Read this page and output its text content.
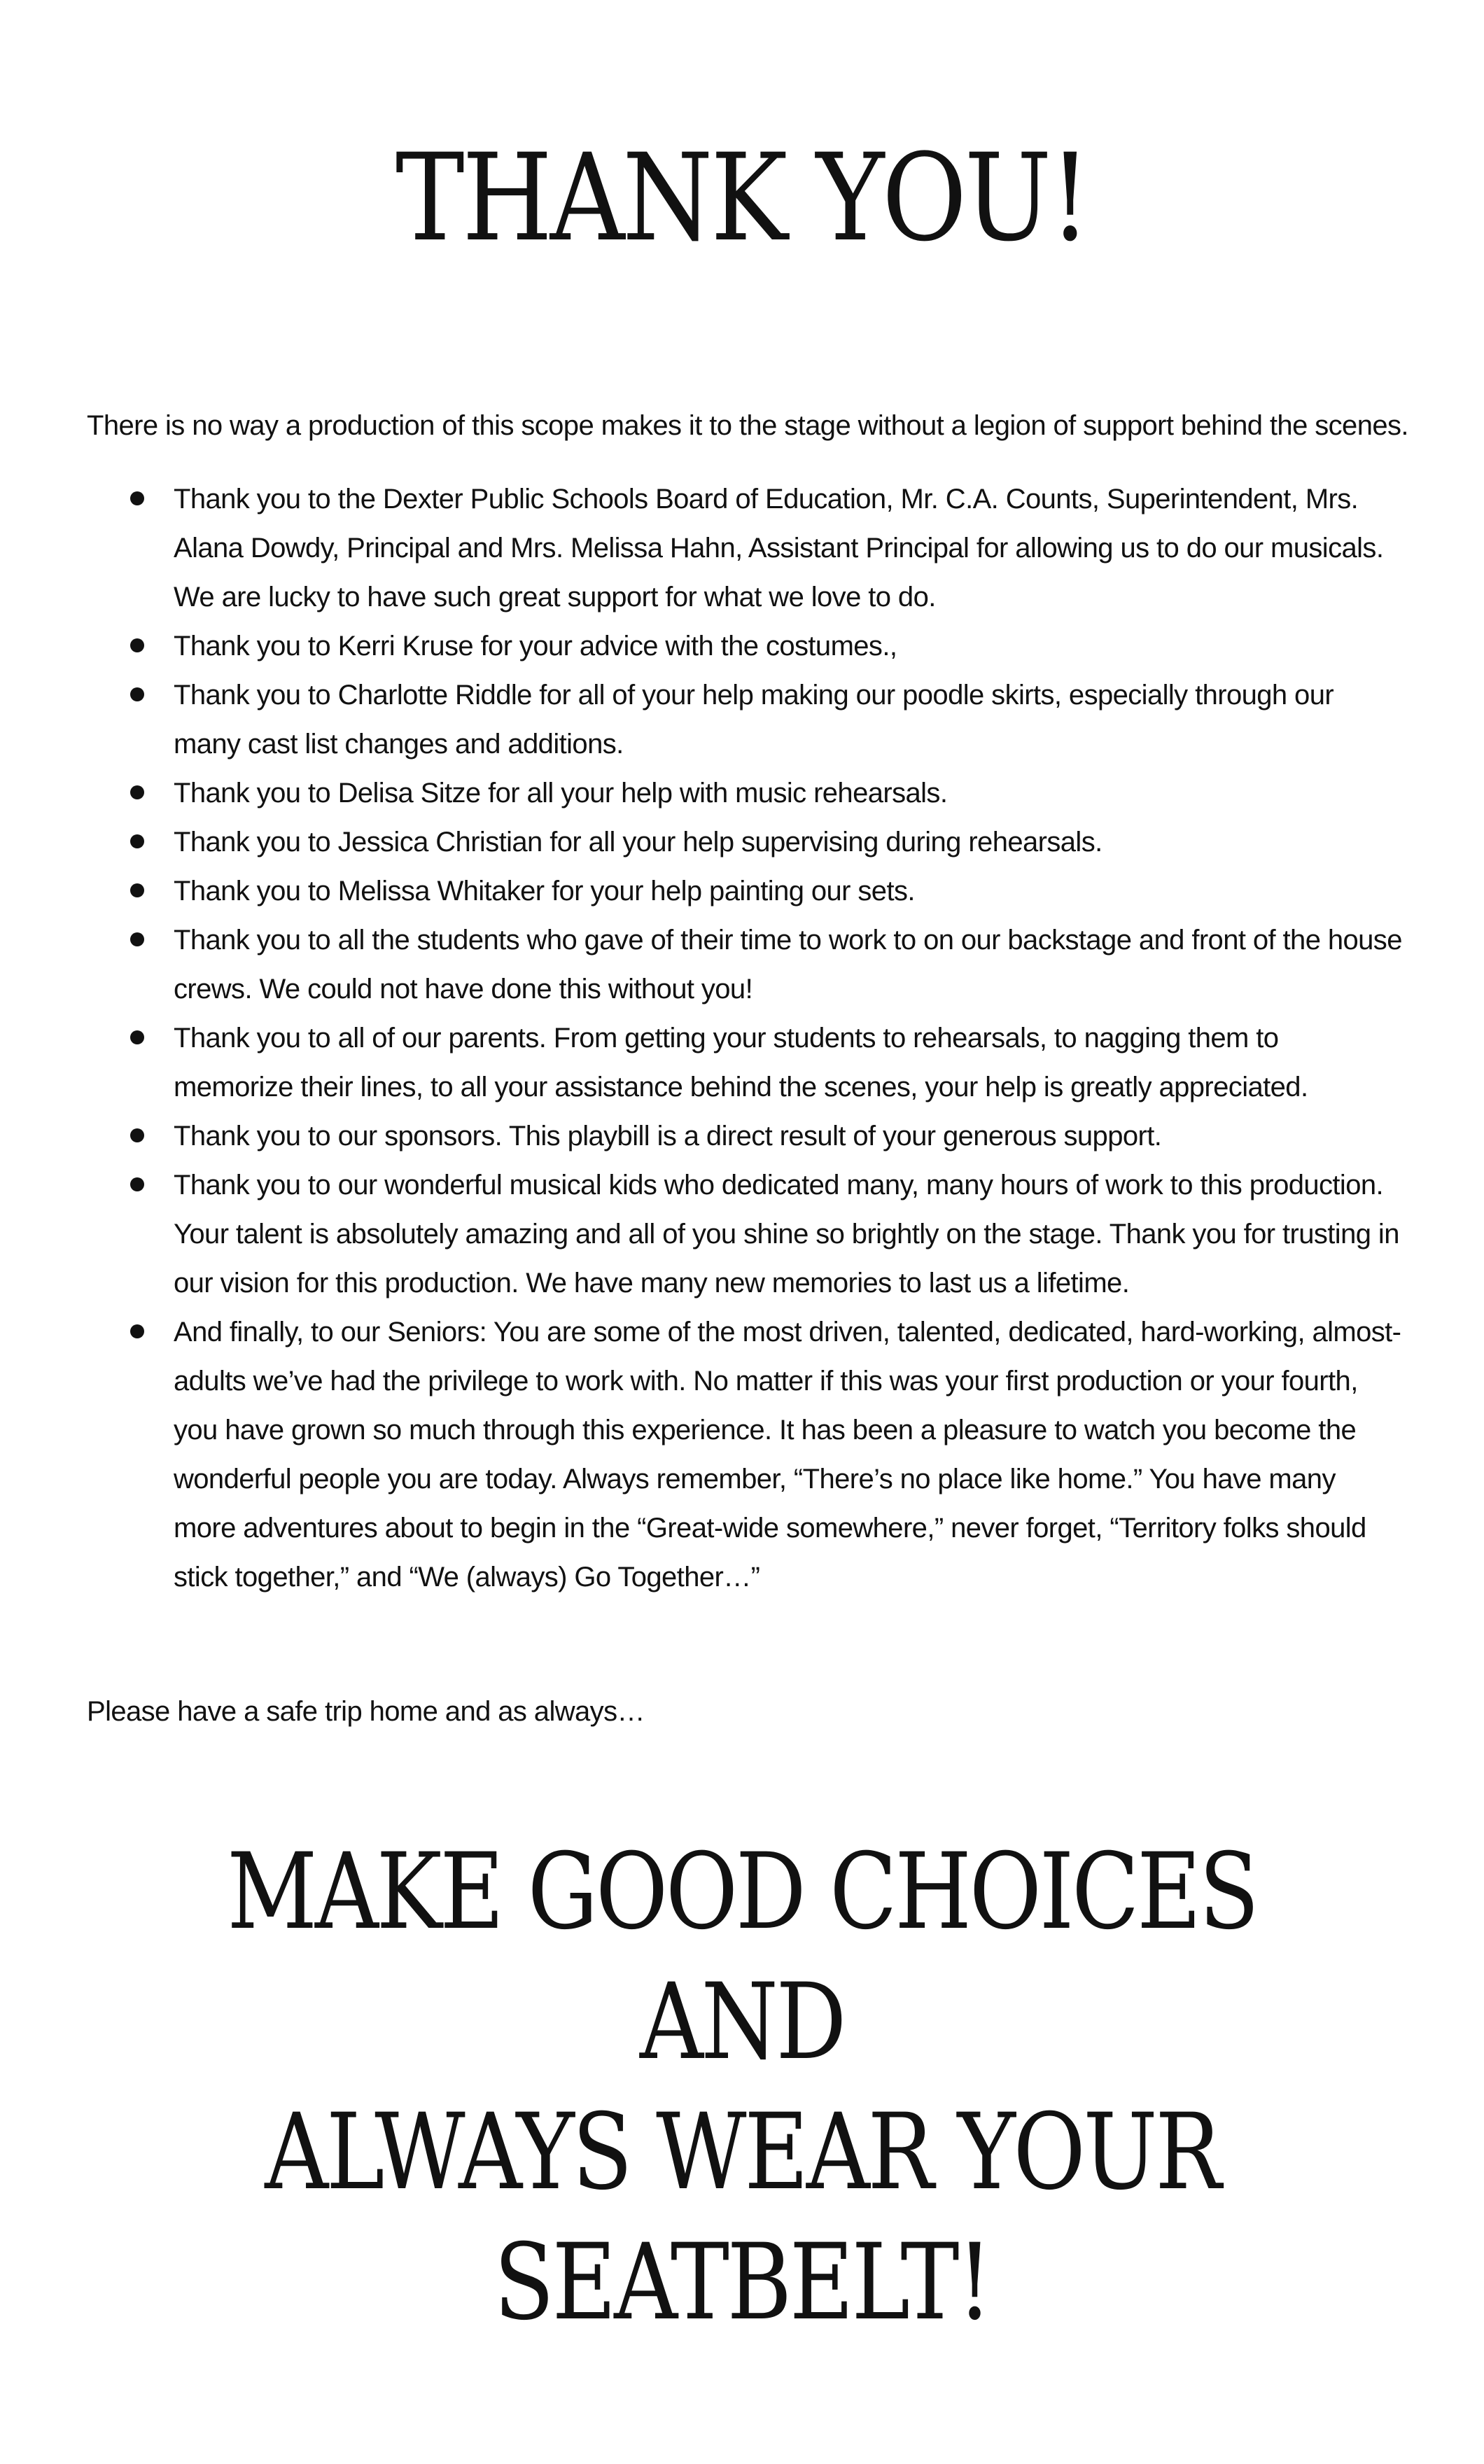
THANK YOU!

There is no way a production of this scope makes it to the stage without a legion of support behind the scenes.

Thank you to the Dexter Public Schools Board of Education, Mr. C.A. Counts, Superintendent, Mrs. Alana Dowdy, Principal and Mrs. Melissa Hahn, Assistant Principal for allowing us to do our musicals. We are lucky to have such great support for what we love to do.
Thank you to Kerri Kruse for your advice with the costumes.,
Thank you to Charlotte Riddle for all of your help making our poodle skirts, especially through our many cast list changes and additions.
Thank you to Delisa Sitze for all your help with music rehearsals.
Thank you to Jessica Christian for all your help supervising during rehearsals.
Thank you to Melissa Whitaker for your help painting our sets.
Thank you to all the students who gave of their time to work to on our backstage and front of the house crews. We could not have done this without you!
Thank you to all of our parents. From getting your students to rehearsals, to nagging them to memorize their lines, to all your assistance behind the scenes, your help is greatly appreciated.
Thank you to our sponsors. This playbill is a direct result of your generous support.
Thank you to our wonderful musical kids who dedicated many, many hours of work to this production. Your talent is absolutely amazing and all of you shine so brightly on the stage. Thank you for trusting in our vision for this production. We have many new memories to last us a lifetime.
And finally, to our Seniors: You are some of the most driven, talented, dedicated, hard-working, almost-adults we’ve had the privilege to work with. No matter if this was your first production or your fourth, you have grown so much through this experience. It has been a pleasure to watch you become the wonderful people you are today. Always remember, “There’s no place like home.” You have many more adventures about to begin in the “Great-wide somewhere,” never forget, “Territory folks should stick together,” and “We (always) Go Together…”

Please have a safe trip home and as always…

MAKE GOOD CHOICES AND
ALWAYS WEAR YOUR
SEATBELT!
